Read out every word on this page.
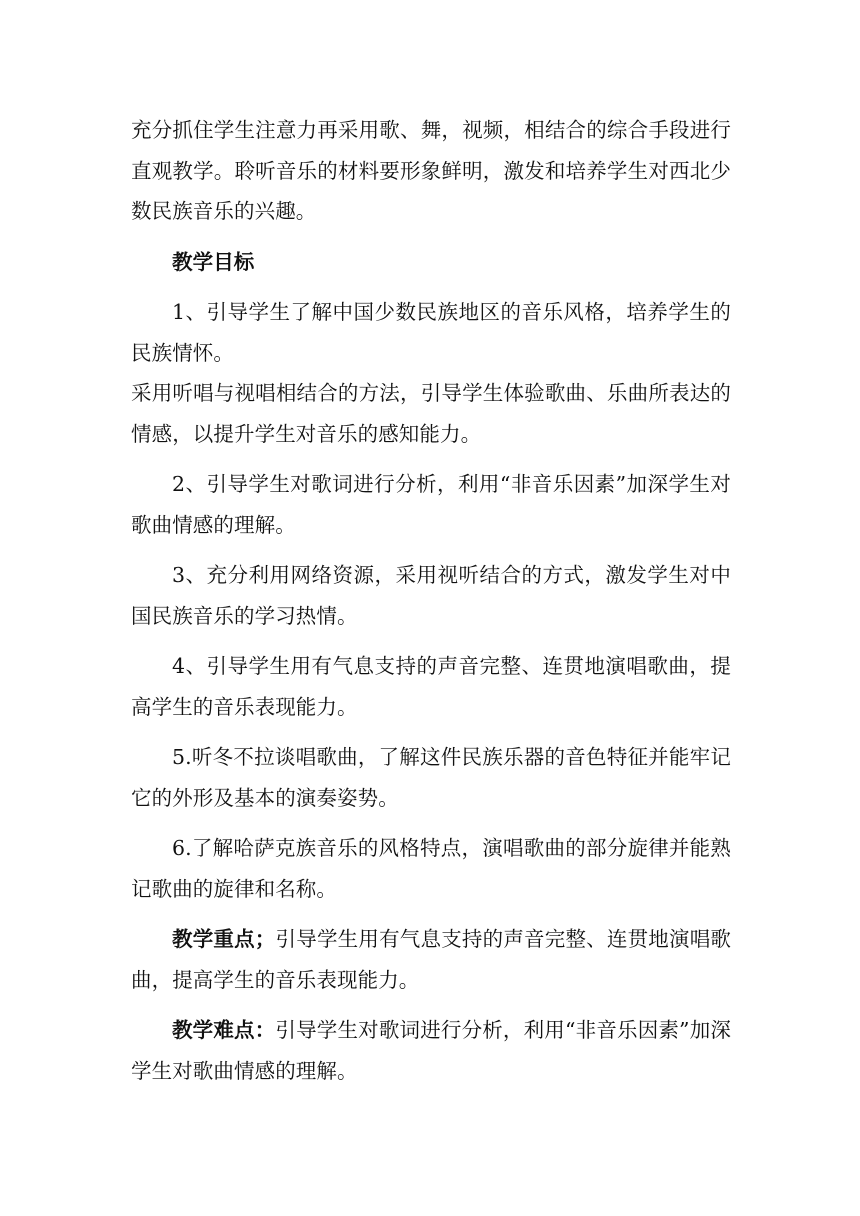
充分抓住学生注意力再采用歌、舞，视频，相结合的综合手段进行直观教学。聆听音乐的材料要形象鲜明，激发和培养学生对西北少数民族音乐的兴趣。

教学目标

1、引导学生了解中国少数民族地区的音乐风格，培养学生的民族情怀。

采用听唱与视唱相结合的方法，引导学生体验歌曲、乐曲所表达的情感，以提升学生对音乐的感知能力。

2、引导学生对歌词进行分析，利用“非音乐因素”加深学生对歌曲情感的理解。

3、充分利用网络资源，采用视听结合的方式，激发学生对中国民族音乐的学习热情。

4、引导学生用有气息支持的声音完整、连贯地演唱歌曲，提高学生的音乐表现能力。

5.听冬不拉谈唱歌曲，了解这件民族乐器的音色特征并能牢记它的外形及基本的演奏姿势。

6.了解哈萨克族音乐的风格特点，演唱歌曲的部分旋律并能熟记歌曲的旋律和名称。

教学重点；引导学生用有气息支持的声音完整、连贯地演唱歌曲，提高学生的音乐表现能力。

教学难点：引导学生对歌词进行分析，利用“非音乐因素”加深学生对歌曲情感的理解。
